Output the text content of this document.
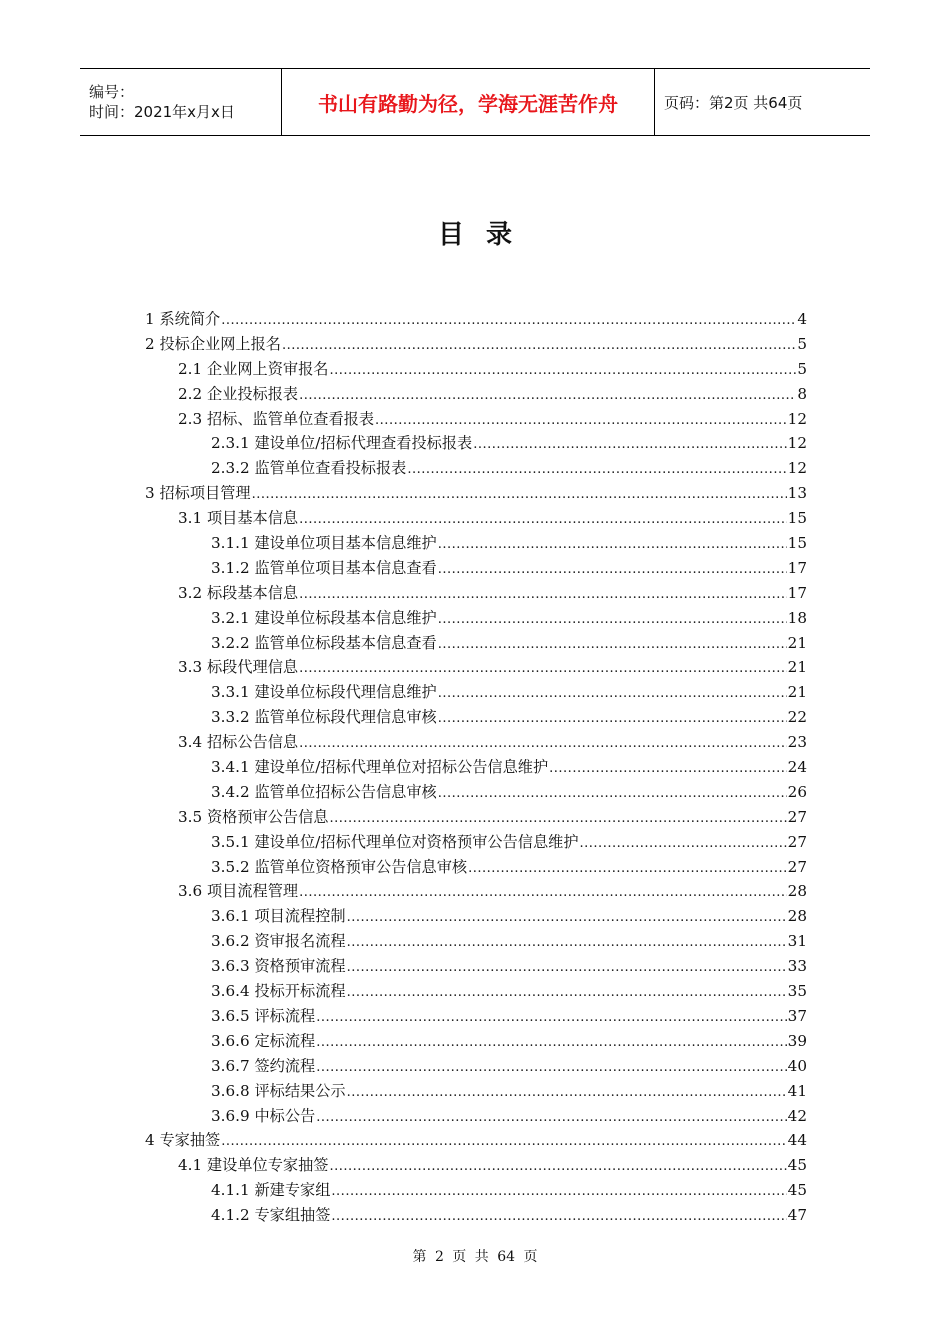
编号：
时间：2021年x月x日	书山有路勤为径，学海无涯苦作舟	页码：第2页 共64页
目录
1 系统简介 .....	4
2 投标企业网上报名 .....	5
2.1 企业网上资审报名 .....	5
2.2 企业投标报表 .....	8
2.3 招标、监管单位查看报表 .....	12
2.3.1 建设单位/招标代理查看投标报表 .....	12
2.3.2 监管单位查看投标报表 .....	12
3 招标项目管理 .....	13
3.1 项目基本信息 .....	15
3.1.1 建设单位项目基本信息维护 .....	15
3.1.2 监管单位项目基本信息查看 .....	17
3.2 标段基本信息 .....	17
3.2.1 建设单位标段基本信息维护 .....	18
3.2.2 监管单位标段基本信息查看 .....	21
3.3 标段代理信息 .....	21
3.3.1 建设单位标段代理信息维护 .....	21
3.3.2 监管单位标段代理信息审核 .....	22
3.4 招标公告信息 .....	23
3.4.1 建设单位/招标代理单位对招标公告信息维护 .....	24
3.4.2 监管单位招标公告信息审核 .....	26
3.5 资格预审公告信息 .....	27
3.5.1 建设单位/招标代理单位对资格预审公告信息维护 .....	27
3.5.2 监管单位资格预审公告信息审核 .....	27
3.6 项目流程管理 .....	28
3.6.1 项目流程控制 .....	28
3.6.2 资审报名流程 .....	31
3.6.3 资格预审流程 .....	33
3.6.4 投标开标流程 .....	35
3.6.5 评标流程 .....	37
3.6.6 定标流程 .....	39
3.6.7 签约流程 .....	40
3.6.8 评标结果公示 .....	41
3.6.9 中标公告 .....	42
4 专家抽签 .....	44
4.1 建设单位专家抽签 .....	45
4.1.1 新建专家组 .....	45
4.1.2 专家组抽签 .....	47
第 2 页 共 64 页
